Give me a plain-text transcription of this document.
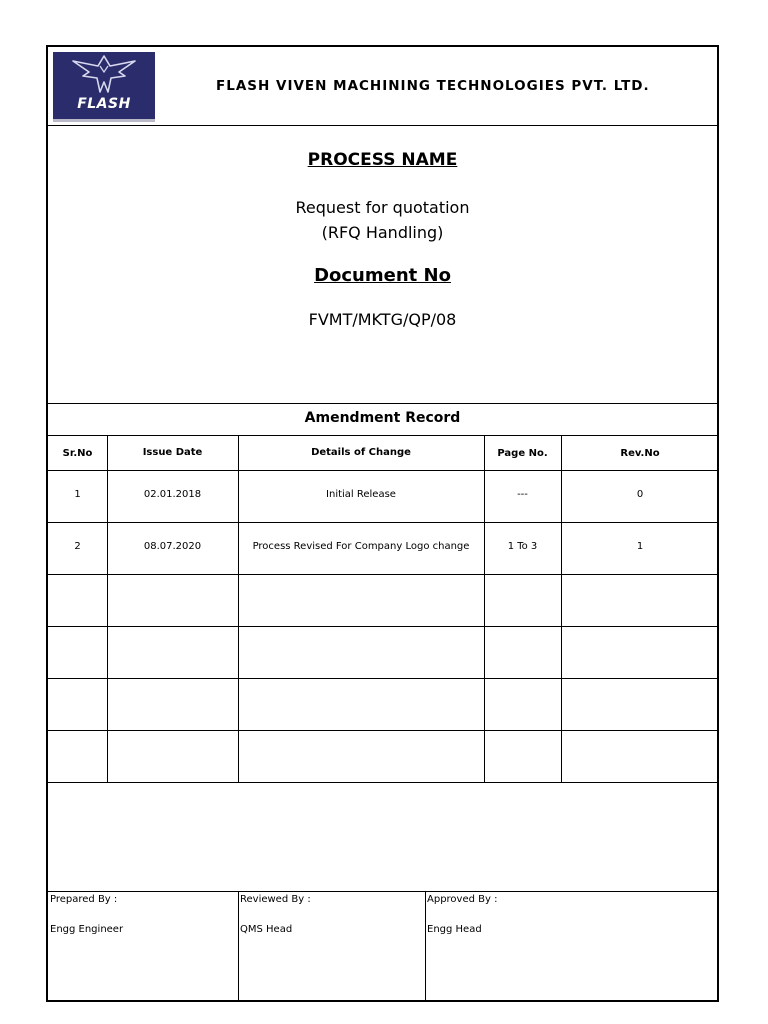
FLASH
FLASH VIVEN MACHINING TECHNOLOGIES PVT. LTD.
PROCESS NAME
Request for quotation
(RFQ Handling)
Document No
FVMT/MKTG/QP/08
Amendment Record
Sr.No	Issue Date	Details of Change	Page No.	Rev.No
1	02.01.2018	Initial Release	---	0
2	08.07.2020	Process Revised For Company Logo change	1 To 3	1
Prepared By :
Engg Engineer
Reviewed By :
QMS Head
Approved By :
Engg Head
